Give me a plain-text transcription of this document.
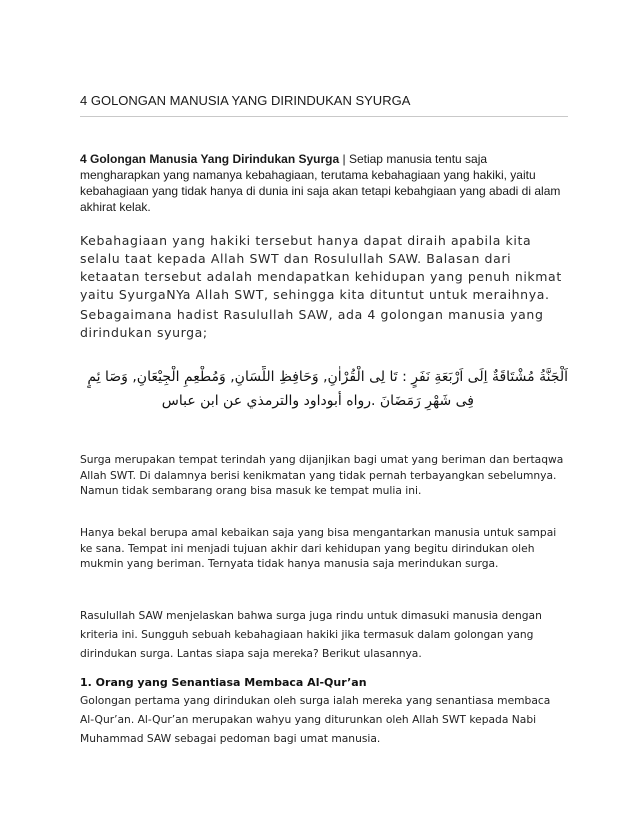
4 GOLONGAN MANUSIA YANG DIRINDUKAN SYURGA

4 Golongan Manusia Yang Dirindukan Syurga | Setiap manusia tentu saja mengharapkan yang namanya kebahagiaan, terutama kebahagiaan yang hakiki, yaitu kebahagiaan yang tidak hanya di dunia ini saja akan tetapi kebahgiaan yang abadi di alam akhirat kelak.

Kebahagiaan yang hakiki tersebut hanya dapat diraih apabila kita selalu taat kepada Allah SWT dan Rosulullah SAW. Balasan dari ketaatan tersebut adalah mendapatkan kehidupan yang penuh nikmat yaitu SyurgaNYa Allah SWT, sehingga kita dituntut untuk meraihnya.

Sebagaimana hadist Rasulullah SAW, ada 4 golongan manusia yang dirindukan syurga;

اَلْجَنَّةُ مُشْتَاقَةٌ اِلَى اَرْبَعَةِ نَفَرٍ : تَا لِى الْقُرْاٰنِ, وَحَافِظِ اللِّسَانِ, وَمُطْعِمِ الْجِيْعَانِ, وَصَا ئِمٍ
فِى شَهْرِ رَمَضَانَ .رواه أبوداود والترمذي عن ابن عباس

Surga merupakan tempat terindah yang dijanjikan bagi umat yang beriman dan bertaqwa Allah SWT. Di dalamnya berisi kenikmatan yang tidak pernah terbayangkan sebelumnya. Namun tidak sembarang orang bisa masuk ke tempat mulia ini.

Hanya bekal berupa amal kebaikan saja yang bisa mengantarkan manusia untuk sampai ke sana. Tempat ini menjadi tujuan akhir dari kehidupan yang begitu dirindukan oleh mukmin yang beriman. Ternyata tidak hanya manusia saja merindukan surga.

Rasulullah SAW menjelaskan bahwa surga juga rindu untuk dimasuki manusia dengan kriteria ini. Sungguh sebuah kebahagiaan hakiki jika termasuk dalam golongan yang dirindukan surga. Lantas siapa saja mereka? Berikut ulasannya.

1. Orang yang Senantiasa Membaca Al-Qur’an

Golongan pertama yang dirindukan oleh surga ialah mereka yang senantiasa membaca Al-Qur’an. Al-Qur’an merupakan wahyu yang diturunkan oleh Allah SWT kepada Nabi Muhammad SAW sebagai pedoman bagi umat manusia.
